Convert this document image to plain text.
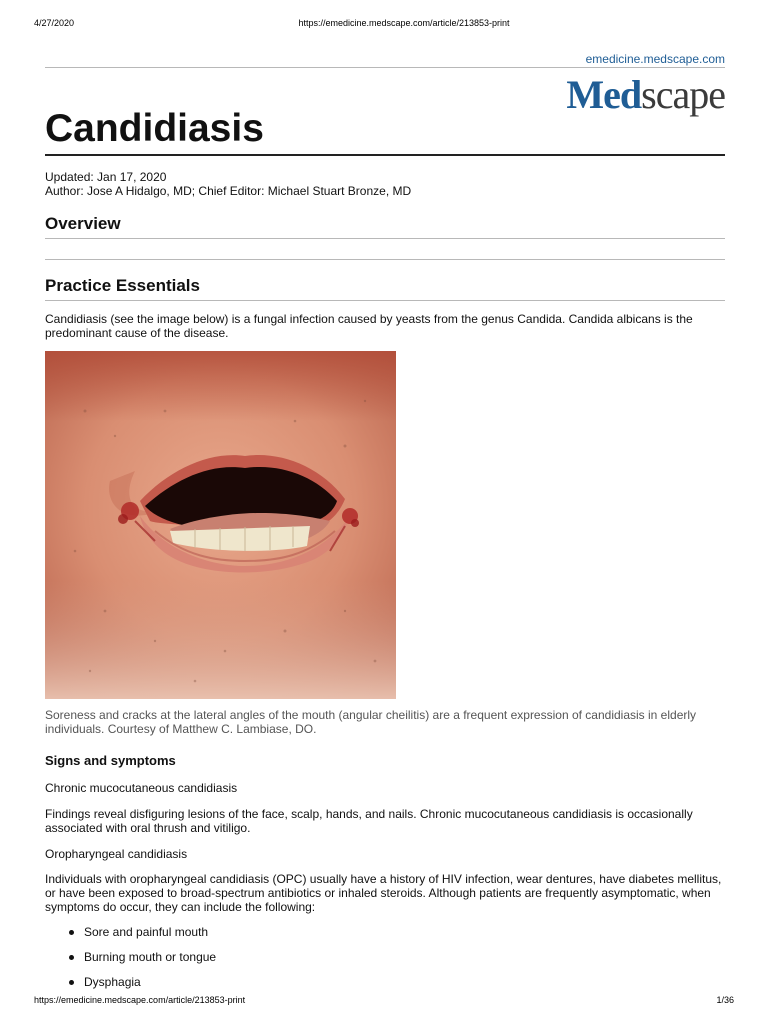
4/27/2020	https://emedicine.medscape.com/article/213853-print
emedicine.medscape.com
Medscape
Candidiasis
Updated: Jan 17, 2020
Author: Jose A Hidalgo, MD; Chief Editor: Michael Stuart Bronze, MD
Overview
Practice Essentials

Candidiasis (see the image below) is a fungal infection caused by yeasts from the genus Candida. Candida albicans is the predominant cause of the disease.

Soreness and cracks at the lateral angles of the mouth (angular cheilitis) are a frequent expression of candidiasis in elderly individuals. Courtesy of Matthew C. Lambiase, DO.

Signs and symptoms

Chronic mucocutaneous candidiasis

Findings reveal disfiguring lesions of the face, scalp, hands, and nails. Chronic mucocutaneous candidiasis is occasionally associated with oral thrush and vitiligo.

Oropharyngeal candidiasis

Individuals with oropharyngeal candidiasis (OPC) usually have a history of HIV infection, wear dentures, have diabetes mellitus, or have been exposed to broad-spectrum antibiotics or inhaled steroids. Although patients are frequently asymptomatic, when symptoms do occur, they can include the following:

Sore and painful mouth
Burning mouth or tongue
Dysphagia
https://emedicine.medscape.com/article/213853-print	1/36
